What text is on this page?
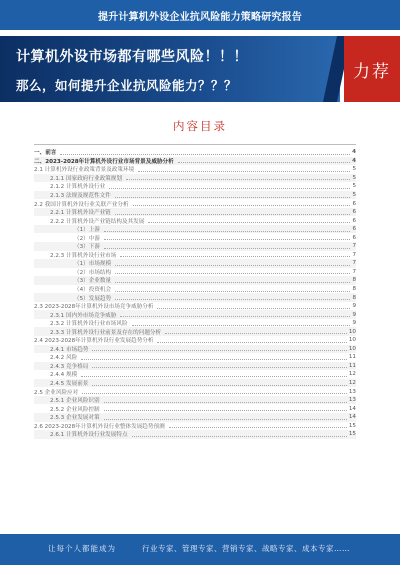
提升计算机外设企业抗风险能力策略研究报告
计算机外设市场都有哪些风险！！！
那么，如何提升企业抗风险能力？？？
力荐
内容目录
一、前言	4
二、2023-2028年计算机外设行业市场背景及威胁分析	4
2.1 计算机外设行业政策背景及政策环境	5
2.1.1 国家政府行业政策规划	5
2.1.2 计算机外设行业	5
2.1.3 法规及规范性文件	5
2.2 我国计算机外设行业关联产业分析	6
2.2.1 计算机外设产业链	6
2.2.2 计算机外设产业链结构及其发展	6
（1）上游	6
（2）中游	6
（3）下游	7
2.2.3 计算机外设行业市场	7
（1）市场规模	7
（2）市场结构	7
（3）企业数量	8
（4）投资机会	8
（5）发展趋势	8
2.3 2023-2028年计算机外设市场竞争威胁分析	9
2.3.1 国内外市场竞争威胁	9
2.3.2 计算机外设行业市场风险	9
2.3.3 计算机外设行业前景及存在的问题分析	10
2.4 2023-2028年计算机外设行业发展趋势分析	10
2.4.1 市场趋势	10
2.4.2 风险	11
2.4.3 竞争格局	11
2.4.4 规模	12
2.4.5 发展前景	12
2.5 企业风险应对	13
2.5.1 企业风险识别	13
2.5.2 企业风险控制	14
2.5.3 企业发展对策	14
2.6 2023-2028年计算机外设行业整体发展趋势预测	15
2.6.1 计算机外设行业发展特点	15
让每个人都能成为	行业专家、管理专家、营销专家、战略专家、成本专家……
